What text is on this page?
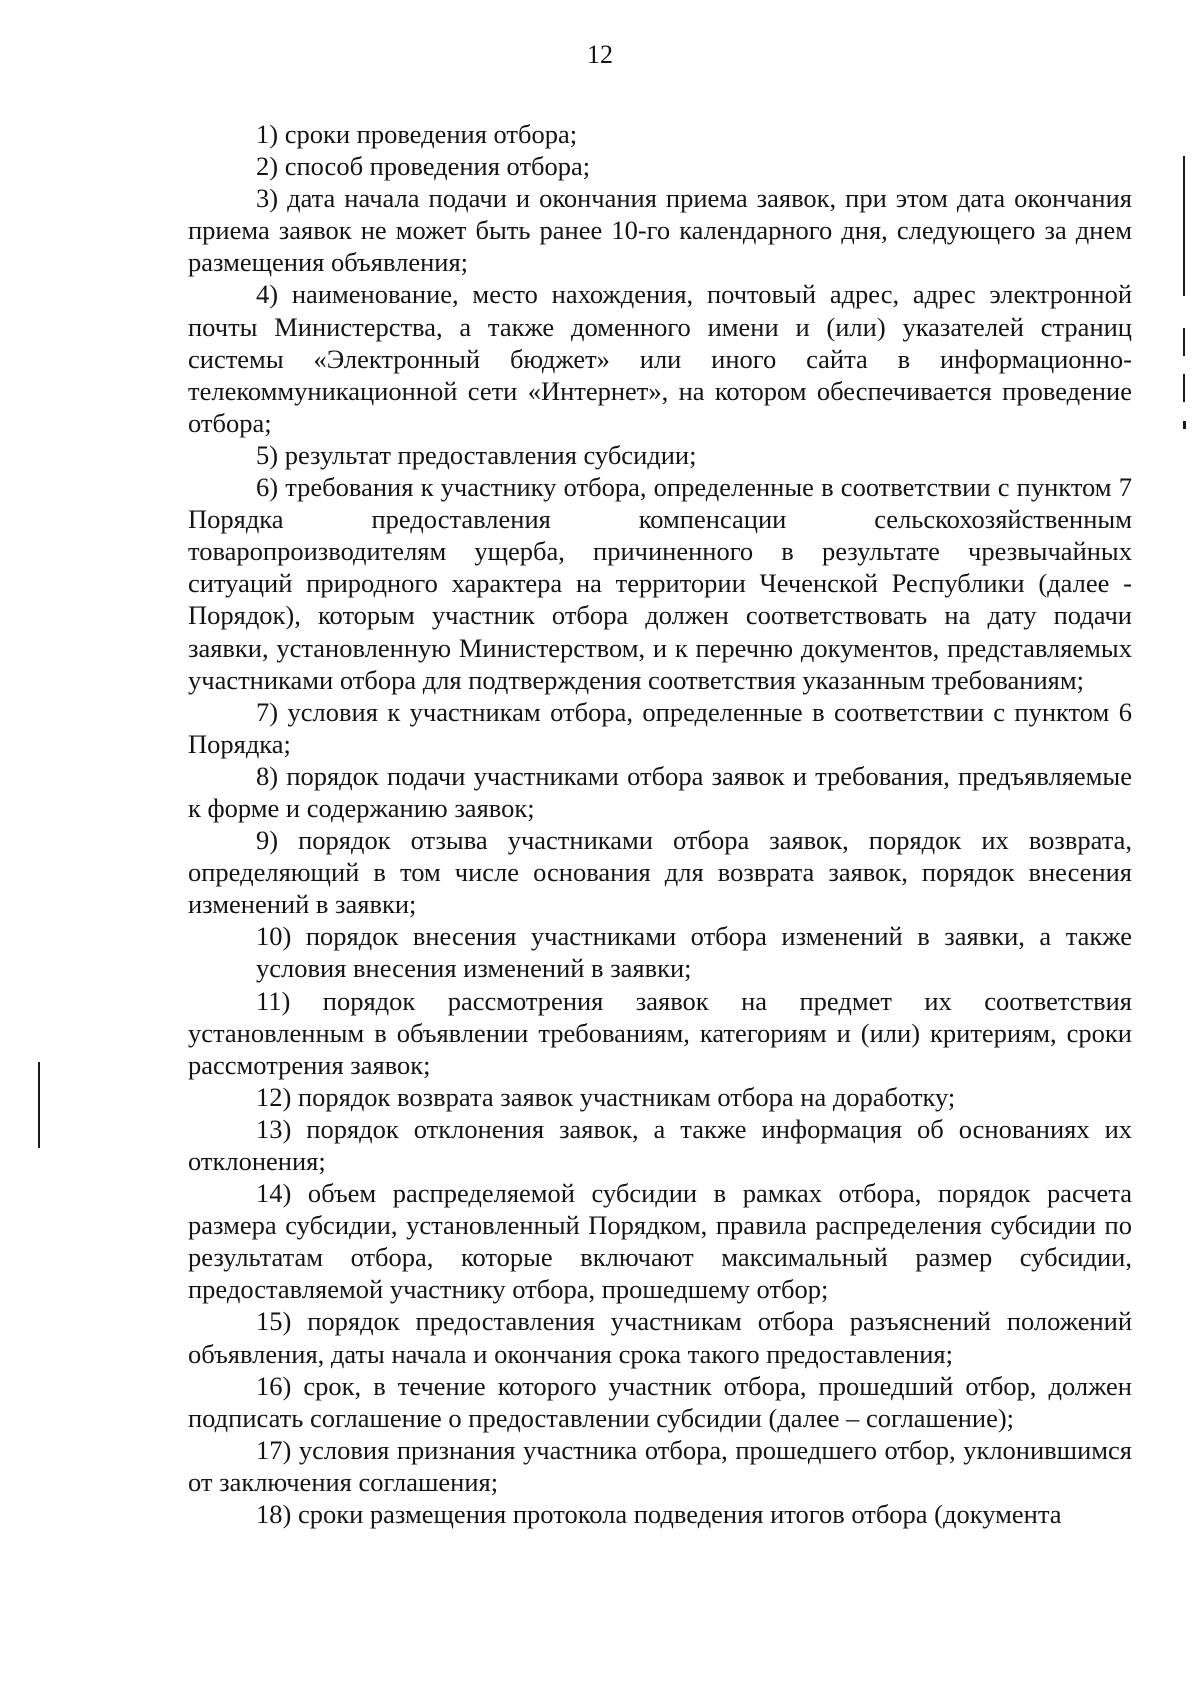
12

1) сроки проведения отбора;

2) способ проведения отбора;

3) дата начала подачи и окончания приема заявок, при этом дата окончания приема заявок не может быть ранее 10-го календарного дня, следующего за днем размещения объявления;

4) наименование, место нахождения, почтовый адрес, адрес электронной почты Министерства, а также доменного имени и (или) указателей страниц системы «Электронный бюджет» или иного сайта в информационно-телекоммуникационной сети «Интернет», на котором обеспечивается проведение отбора;

5) результат предоставления субсидии;

6) требования к участнику отбора, определенные в соответствии с пунктом 7 Порядка предоставления компенсации сельскохозяйственным товаропроизводителям ущерба, причиненного в результате чрезвычайных ситуаций природного характера на территории Чеченской Республики (далее - Порядок), которым участник отбора должен соответствовать на дату подачи заявки, установленную Министерством, и к перечню документов, представляемых участниками отбора для подтверждения соответствия указанным требованиям;

7) условия к участникам отбора, определенные в соответствии с пунктом 6 Порядка;

8) порядок подачи участниками отбора заявок и требования, предъявляемые к форме и содержанию заявок;

9) порядок отзыва участниками отбора заявок, порядок их возврата, определяющий в том числе основания для возврата заявок, порядок внесения изменений в заявки;

10) порядок внесения участниками отбора изменений в заявки, а также условия внесения изменений в заявки;

11) порядок рассмотрения заявок на предмет их соответствия установленным в объявлении требованиям, категориям и (или) критериям, сроки рассмотрения заявок;

12) порядок возврата заявок участникам отбора на доработку;

13) порядок отклонения заявок, а также информация об основаниях их отклонения;

14) объем распределяемой субсидии в рамках отбора, порядок расчета размера субсидии, установленный Порядком, правила распределения субсидии по результатам отбора, которые включают максимальный размер субсидии, предоставляемой участнику отбора, прошедшему отбор;

15) порядок предоставления участникам отбора разъяснений положений объявления, даты начала и окончания срока такого предоставления;

16) срок, в течение которого участник отбора, прошедший отбор, должен подписать соглашение о предоставлении субсидии (далее – соглашение);

17) условия признания участника отбора, прошедшего отбор, уклонившимся от заключения соглашения;

18) сроки размещения протокола подведения итогов отбора (документа
